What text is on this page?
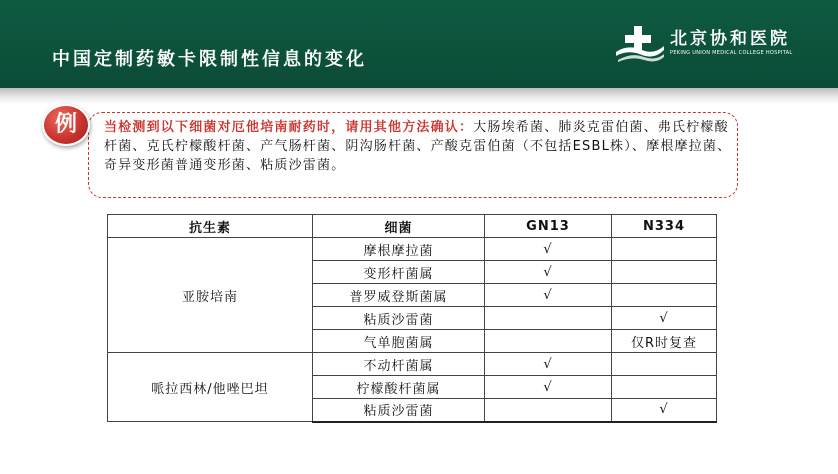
中国定制药敏卡限制性信息的变化
北京协和医院
PEKING UNION MEDICAL COLLEGE HOSPITAL
例	当检测到以下细菌对厄他培南耐药时，请用其他方法确认：大肠埃希菌、肺炎克雷伯菌、弗氏柠檬酸杆菌、克氏柠檬酸杆菌、产气肠杆菌、阴沟肠杆菌、产酸克雷伯菌（不包括ESBL株）、摩根摩拉菌、奇异变形菌普通变形菌、粘质沙雷菌。
抗生素	细菌	GN13	N334
亚胺培南	摩根摩拉菌	√	
	变形杆菌属	√	
	普罗威登斯菌属	√	
	粘质沙雷菌		√
	气单胞菌属		仅R时复查
哌拉西林/他唑巴坦	不动杆菌属	√	
	柠檬酸杆菌属	√	
	粘质沙雷菌		√
